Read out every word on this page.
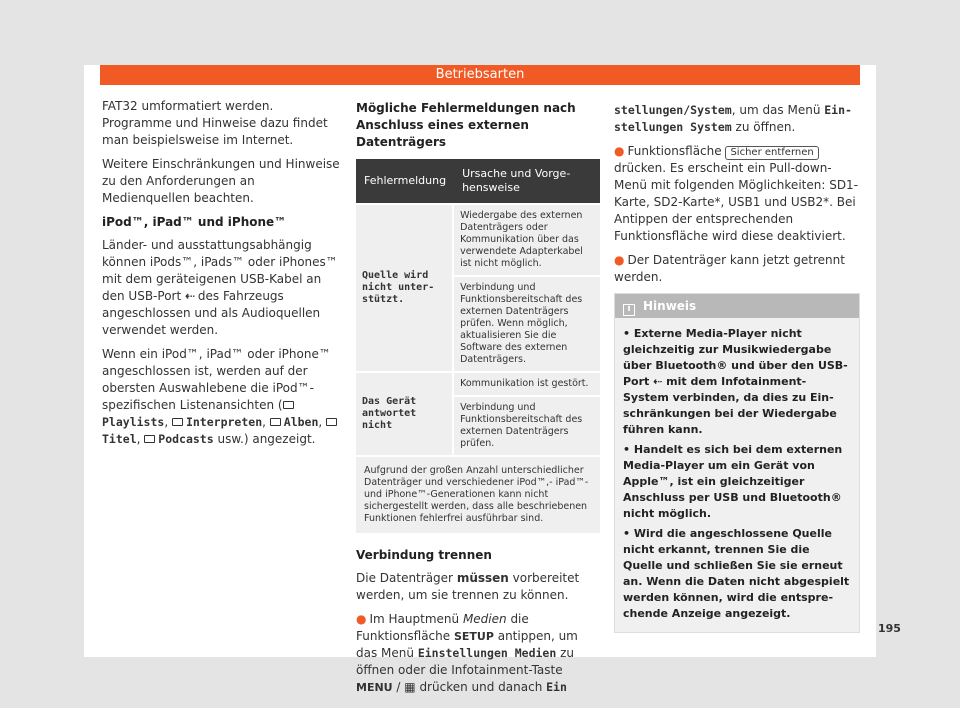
Betriebsarten

FAT32 umformatiert werden. Programme und Hinweise dazu findet man beispielsweise im Internet.

Weitere Einschränkungen und Hinweise zu den Anforderungen an Medienquellen beachten.

iPod™, iPad™ und iPhone™

Länder- und ausstattungsabhängig können iPods™, iPads™ oder iPhones™ mit dem geräteigenen USB-Kabel an den USB-Port ⇠ des Fahrzeugs angeschlossen und als Audioquellen verwendet werden.

Wenn ein iPod™, iPad™ oder iPhone™ angeschlossen ist, werden auf der obersten Auswahlebene die iPod™-spezifischen Listenansichten (Playlists, Interpreten, Alben, Titel, Podcasts usw.) angezeigt.

Mögliche Fehlermeldungen nach Anschluss eines externen Datenträgers
Fehlermeldung	Ursache und Vorgehensweise
Quelle wird nicht unterstützt.	Wiedergabe des externen Datenträgers oder Kommunikation über das verwendete Adapterkabel ist nicht möglich.
	Verbindung und Funktionsbereitschaft des externen Datenträgers prüfen. Wenn möglich, aktualisieren Sie die Software des externen Datenträgers.
Das Gerät antwortet nicht	Kommunikation ist gestört.
	Verbindung und Funktionsbereitschaft des externen Datenträgers prüfen.
Aufgrund der großen Anzahl unterschiedlicher Datenträger und verschiedener iPod™,- iPad™- und iPhone™-Generationen kann nicht sichergestellt werden, dass alle beschriebenen Funktionen fehlerfrei ausführbar sind.	
Verbindung trennen

Die Datenträger müssen vorbereitet werden, um sie trennen zu können.

● Im Hauptmenü Medien die Funktionsfläche SETUP antippen, um das Menü Einstellungen Medien zu öffnen oder die Infotainment-Taste MENU / ▦ drücken und danach Ein

stellungen/System, um das Menü Einstellungen System zu öffnen.

● Funktionsfläche Sicher entfernen drücken. Es erscheint ein Pull-down-Menü mit folgenden Möglichkeiten: SD1-Karte, SD2-Karte*, USB1 und USB2*. Bei Antippen der entsprechenden Funktionsfläche wird diese deaktiviert.

● Der Datenträger kann jetzt getrennt werden.

i Hinweis

• Externe Media-Player nicht gleichzeitig zur Musikwiedergabe über Bluetooth® und über den USB-Port ⇠ mit dem Infotainment-System verbinden, da dies zu Einschränkungen bei der Wiedergabe führen kann.

• Handelt es sich bei dem externen Media-Player um ein Gerät von Apple™, ist ein gleichzeitiger Anschluss per USB und Bluetooth® nicht möglich.

• Wird die angeschlossene Quelle nicht erkannt, trennen Sie die Quelle und schließen Sie sie erneut an. Wenn die Daten nicht abgespielt werden können, wird die entsprechende Anzeige angezeigt.

195
